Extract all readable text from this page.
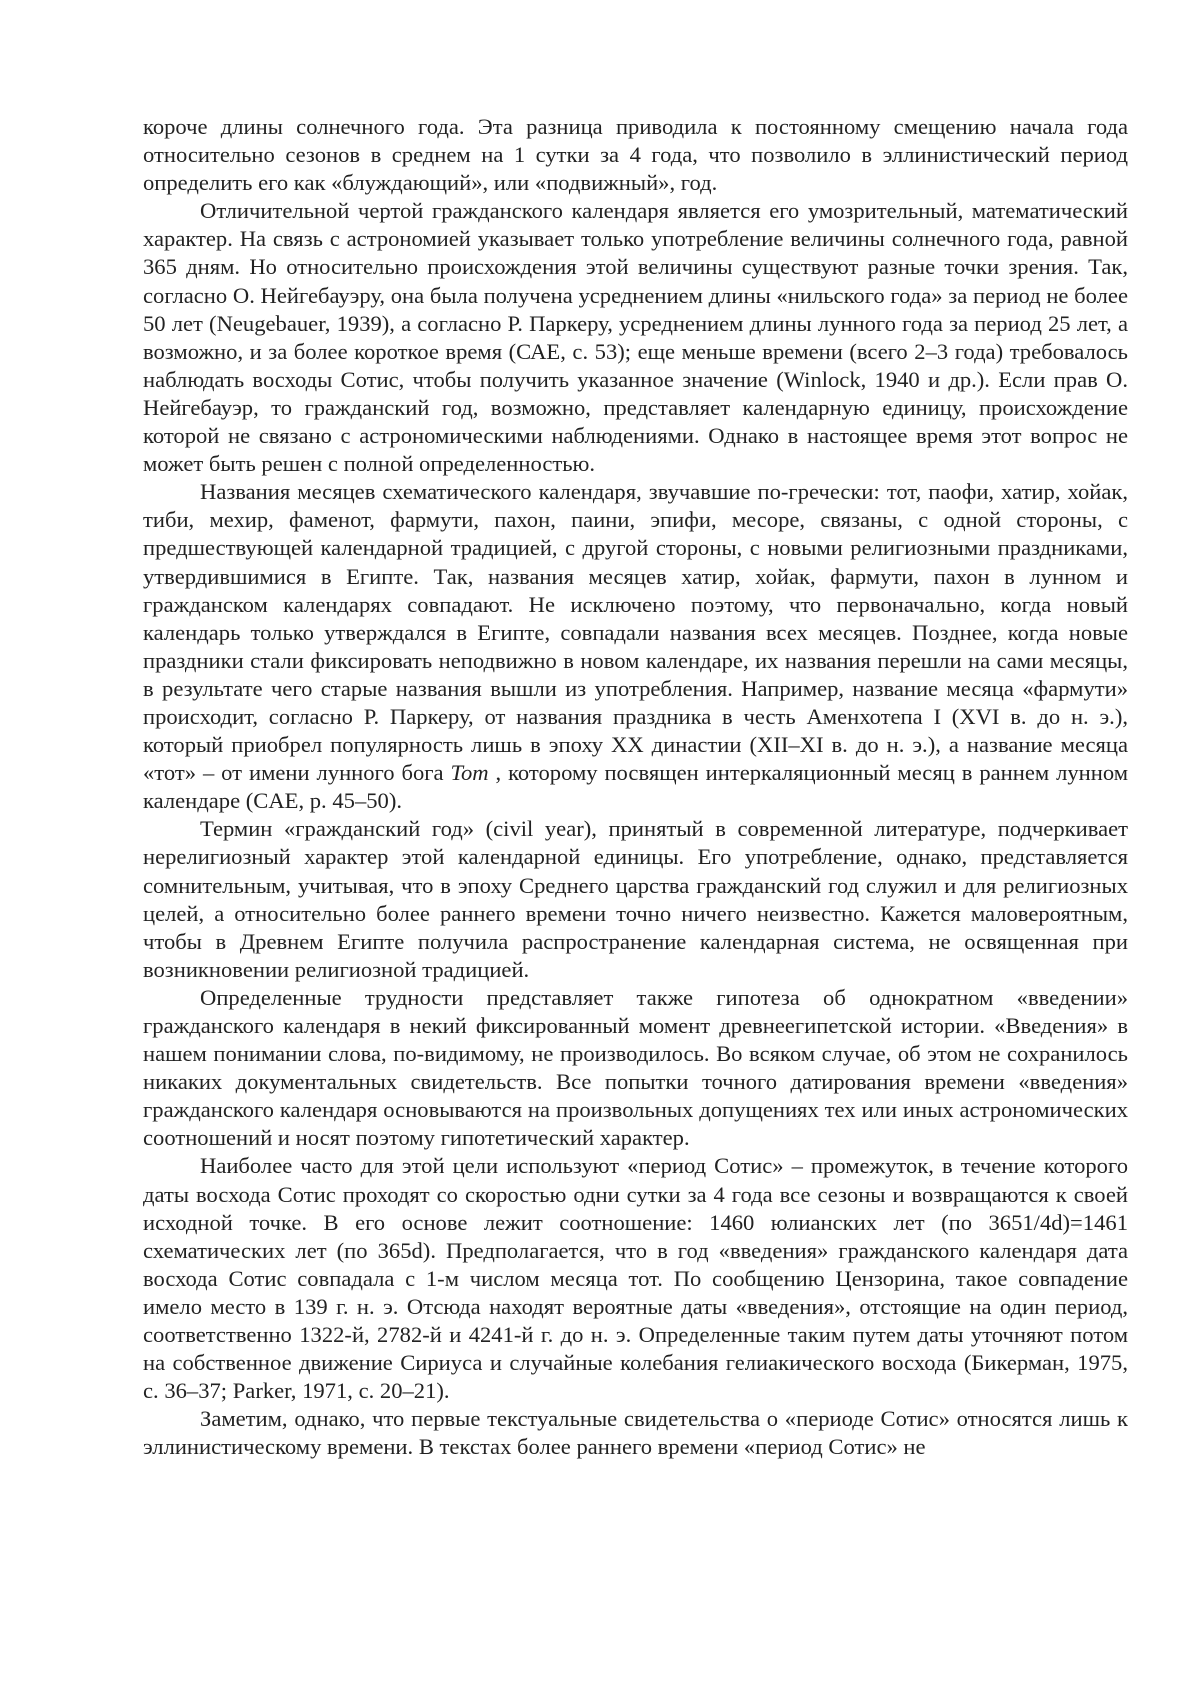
короче длины солнечного года. Эта разница приводила к постоянному смещению начала года относительно сезонов в среднем на 1 сутки за 4 года, что позволило в эллинистический период определить его как «блуждающий», или «подвижный», год.

Отличительной чертой гражданского календаря является его умозрительный, математический характер. На связь с астрономией указывает только употребление величины солнечного года, равной 365 дням. Но относительно происхождения этой величины существуют разные точки зрения. Так, согласно О. Нейгебауэру, она была получена усреднением длины «нильского года» за период не более 50 лет (Neugebauer, 1939), а согласно Р. Паркеру, усреднением длины лунного года за период 25 лет, а возможно, и за более короткое время (САЕ, с. 53); еще меньше времени (всего 2–3 года) требовалось наблюдать восходы Сотис, чтобы получить указанное значение (Winlock, 1940 и др.). Если прав О. Нейгебауэр, то гражданский год, возможно, представляет календарную единицу, происхождение которой не связано с астрономическими наблюдениями. Однако в настоящее время этот вопрос не может быть решен с полной определенностью.

Названия месяцев схематического календаря, звучавшие по-гречески: тот, паофи, хатир, хойак, тиби, мехир, фаменот, фармути, пахон, паини, эпифи, месоре, связаны, с одной стороны, с предшествующей календарной традицией, с другой стороны, с новыми религиозными праздниками, утвердившимися в Египте. Так, названия месяцев хатир, хойак, фармути, пахон в лунном и гражданском календарях совпадают. Не исключено поэтому, что первоначально, когда новый календарь только утверждался в Египте, совпадали названия всех месяцев. Позднее, когда новые праздники стали фиксировать неподвижно в новом календаре, их названия перешли на сами месяцы, в результате чего старые названия вышли из употребления. Например, название месяца «фармути» происходит, согласно Р. Паркеру, от названия праздника в честь Аменхотепа I (XVI в. до н. э.), который приобрел популярность лишь в эпоху XX династии (XII–XI в. до н. э.), а название месяца «тот» – от имени лунного бога Tom , которому посвящен интеркаляционный месяц в раннем лунном календаре (CAE, p. 45–50).

Термин «гражданский год» (civil year), принятый в современной литературе, подчеркивает нерелигиозный характер этой календарной единицы. Его употребление, однако, представляется сомнительным, учитывая, что в эпоху Среднего царства гражданский год служил и для религиозных целей, а относительно более раннего времени точно ничего неизвестно. Кажется маловероятным, чтобы в Древнем Египте получила распространение календарная система, не освященная при возникновении религиозной традицией.

Определенные трудности представляет также гипотеза об однократном «введении» гражданского календаря в некий фиксированный момент древнеегипетской истории. «Введения» в нашем понимании слова, по-видимому, не производилось. Во всяком случае, об этом не сохранилось никаких документальных свидетельств. Все попытки точного датирования времени «введения» гражданского календаря основываются на произвольных допущениях тех или иных астрономических соотношений и носят поэтому гипотетический характер.

Наиболее часто для этой цели используют «период Сотис» – промежуток, в течение которого даты восхода Сотис проходят со скоростью одни сутки за 4 года все сезоны и возвращаются к своей исходной точке. В его основе лежит соотношение: 1460 юлианских лет (по 3651/4d)=1461 схематических лет (по 365d). Предполагается, что в год «введения» гражданского календаря дата восхода Сотис совпадала с 1-м числом месяца тот. По сообщению Цензорина, такое совпадение имело место в 139 г. н. э. Отсюда находят вероятные даты «введения», отстоящие на один период, соответственно 1322-й, 2782-й и 4241-й г. до н. э. Определенные таким путем даты уточняют потом на собственное движение Сириуса и случайные колебания гелиакического восхода (Бикерман, 1975, с. 36–37; Parker, 1971, с. 20–21).

Заметим, однако, что первые текстуальные свидетельства о «периоде Сотис» относятся лишь к эллинистическому времени. В текстах более раннего времени «период Сотис» не
